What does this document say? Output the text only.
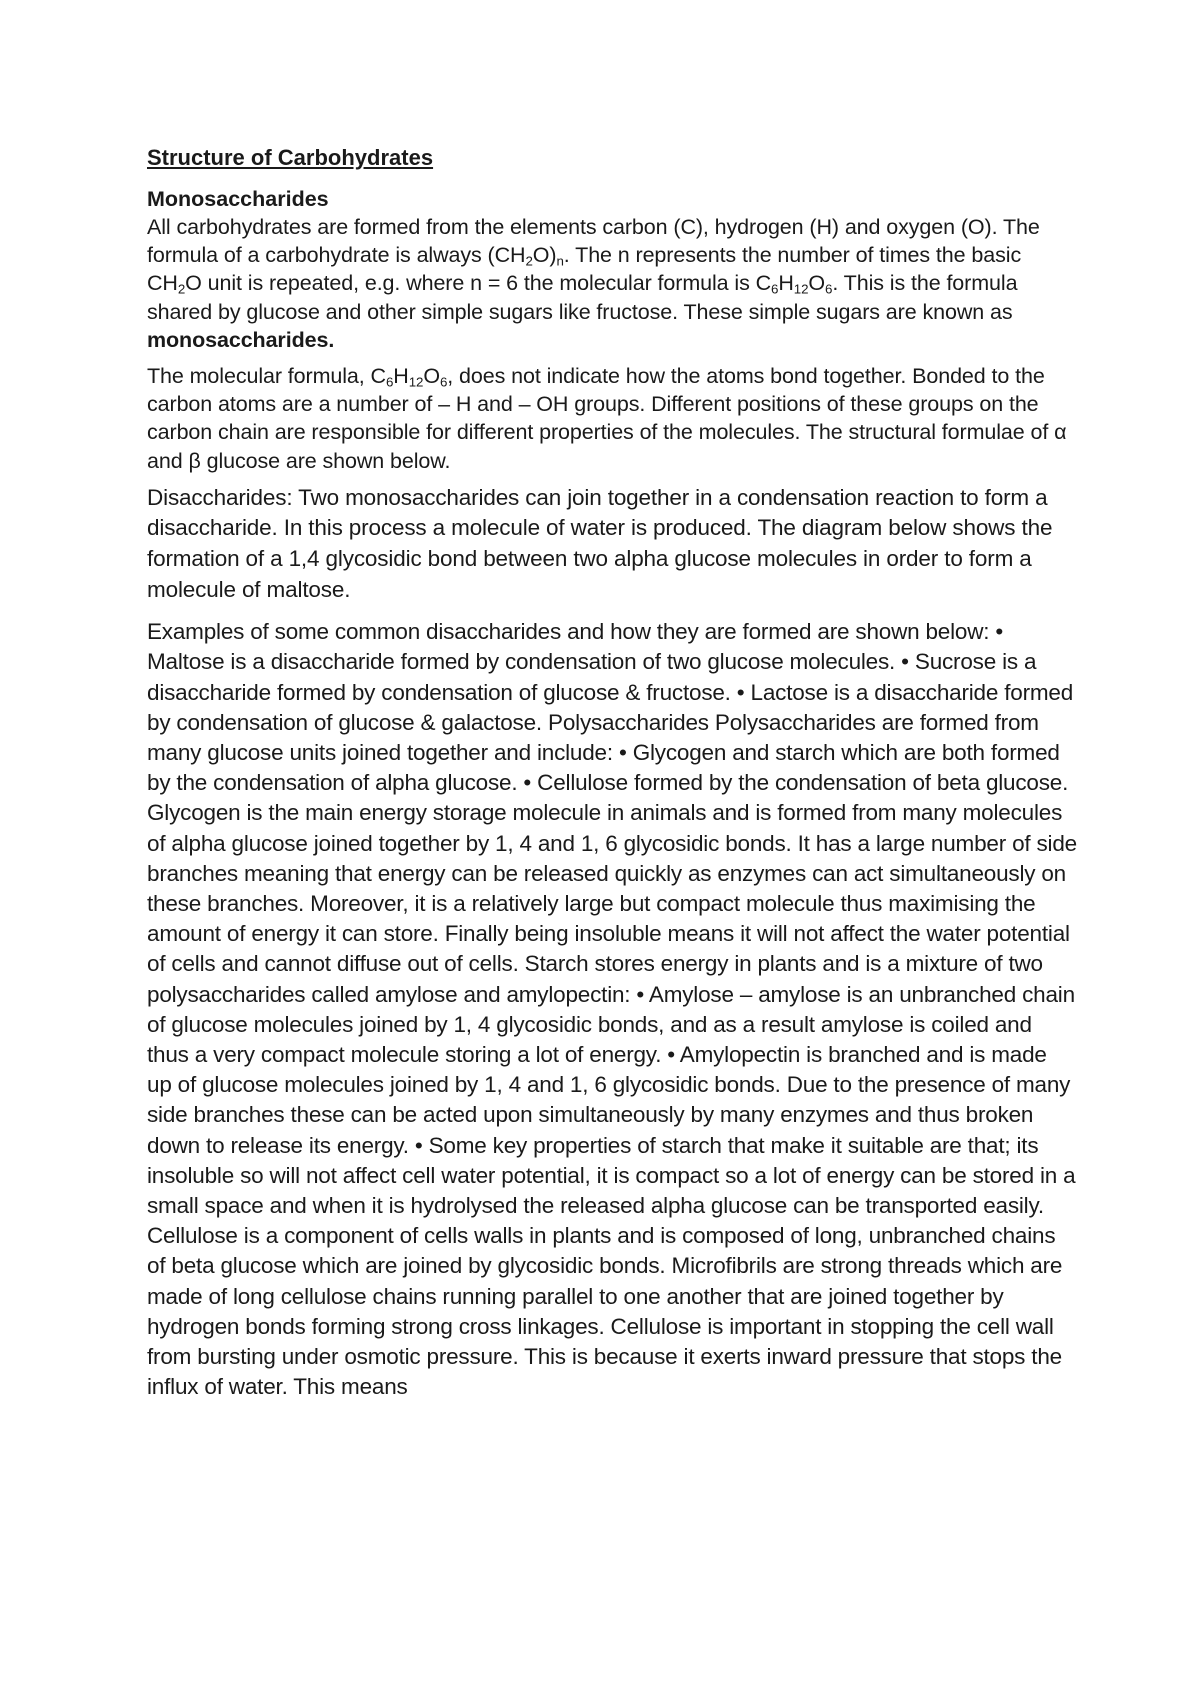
Structure of Carbohydrates
Monosaccharides

All carbohydrates are formed from the elements carbon (C), hydrogen (H) and oxygen (O). The formula of a carbohydrate is always $(CH_2O)_n$. The n represents the number of times the basic $CH_2O$ unit is repeated, e.g. where n = 6 the molecular formula is $C_6H_{12}O_6$. This is the formula shared by glucose and other simple sugars like fructose. These simple sugars are known as monosaccharides.

The molecular formula, $C_6H_{12}O_6$, does not indicate how the atoms bond together. Bonded to the carbon atoms are a number of – H and – OH groups. Different positions of these groups on the carbon chain are responsible for different properties of the molecules. The structural formulae of α and β glucose are shown below.

Disaccharides: Two monosaccharides can join together in a condensation reaction to form a disaccharide. In this process a molecule of water is produced. The diagram below shows the formation of a 1,4 glycosidic bond between two alpha glucose molecules in order to form a molecule of maltose.

Examples of some common disaccharides and how they are formed are shown below: • Maltose is a disaccharide formed by condensation of two glucose molecules. • Sucrose is a disaccharide formed by condensation of glucose & fructose. • Lactose is a disaccharide formed by condensation of glucose & galactose. Polysaccharides Polysaccharides are formed from many glucose units joined together and include: • Glycogen and starch which are both formed by the condensation of alpha glucose. • Cellulose formed by the condensation of beta glucose. Glycogen is the main energy storage molecule in animals and is formed from many molecules of alpha glucose joined together by 1, 4 and 1, 6 glycosidic bonds. It has a large number of side branches meaning that energy can be released quickly as enzymes can act simultaneously on these branches. Moreover, it is a relatively large but compact molecule thus maximising the amount of energy it can store. Finally being insoluble means it will not affect the water potential of cells and cannot diffuse out of cells. Starch stores energy in plants and is a mixture of two polysaccharides called amylose and amylopectin: • Amylose – amylose is an unbranched chain of glucose molecules joined by 1, 4 glycosidic bonds, and as a result amylose is coiled and thus a very compact molecule storing a lot of energy. • Amylopectin is branched and is made up of glucose molecules joined by 1, 4 and 1, 6 glycosidic bonds. Due to the presence of many side branches these can be acted upon simultaneously by many enzymes and thus broken down to release its energy. • Some key properties of starch that make it suitable are that; its insoluble so will not affect cell water potential, it is compact so a lot of energy can be stored in a small space and when it is hydrolysed the released alpha glucose can be transported easily. Cellulose is a component of cells walls in plants and is composed of long, unbranched chains of beta glucose which are joined by glycosidic bonds. Microfibrils are strong threads which are made of long cellulose chains running parallel to one another that are joined together by hydrogen bonds forming strong cross linkages. Cellulose is important in stopping the cell wall from bursting under osmotic pressure. This is because it exerts inward pressure that stops the influx of water. This means
